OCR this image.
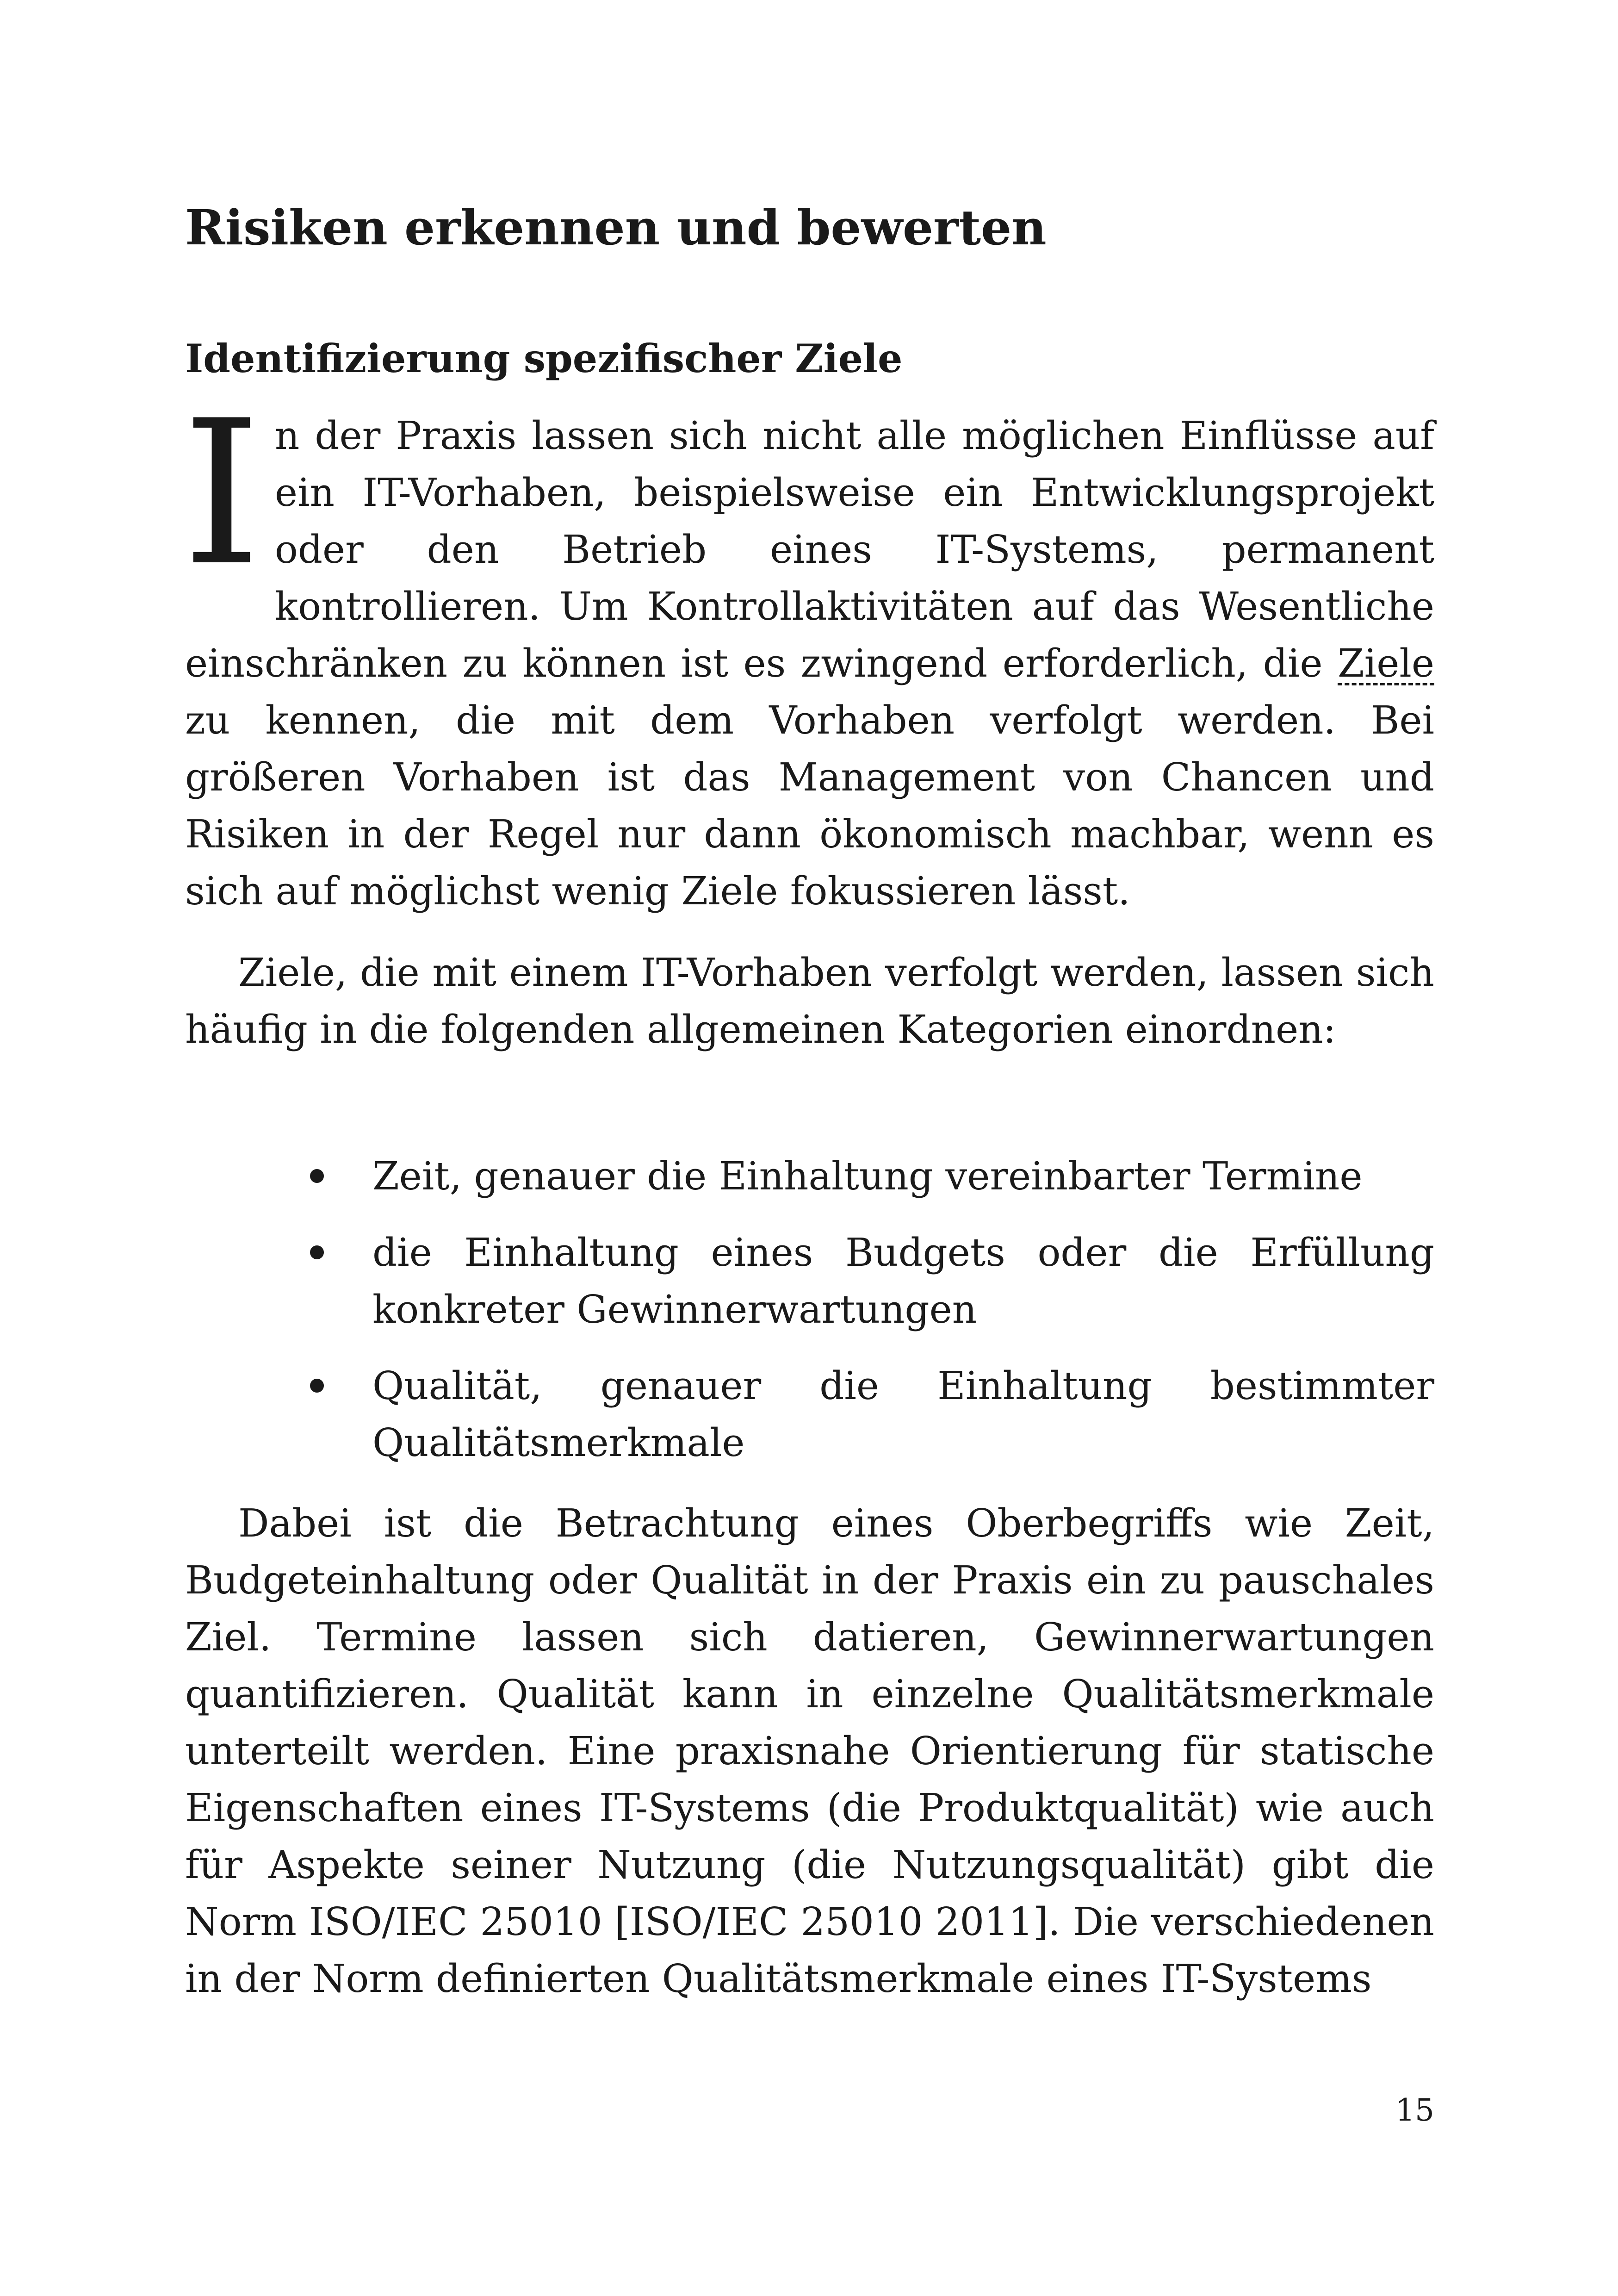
Risiken erkennen und bewerten
Identifizierung spezifischer Ziele

In der Praxis lassen sich nicht alle möglichen Einflüsse auf ein IT-Vorhaben, beispielsweise ein Entwicklungsprojekt oder den Betrieb eines IT-Systems, permanent kontrollieren. Um Kontrollaktivitäten auf das Wesentliche einschränken zu können ist es zwingend erforderlich, die Ziele zu kennen, die mit dem Vorhaben verfolgt werden. Bei größeren Vorhaben ist das Management von Chancen und Risiken in der Regel nur dann ökonomisch machbar, wenn es sich auf möglichst wenig Ziele fokussieren lässt.

Ziele, die mit einem IT-Vorhaben verfolgt werden, lassen sich häufig in die folgenden allgemeinen Kategorien einordnen:

Zeit, genauer die Einhaltung vereinbarter Termine
die Einhaltung eines Budgets oder die Erfüllung konkreter Gewinnerwartungen
Qualität, genauer die Einhaltung bestimmter Qualitätsmerkmale

Dabei ist die Betrachtung eines Oberbegriffs wie Zeit, Budgeteinhaltung oder Qualität in der Praxis ein zu pauschales Ziel. Termine lassen sich datieren, Gewinnerwartungen quantifizieren. Qualität kann in einzelne Qualitätsmerkmale unterteilt werden. Eine praxisnahe Orientierung für statische Eigenschaften eines IT-Systems (die Produktqualität) wie auch für Aspekte seiner Nutzung (die Nutzungsqualität) gibt die Norm ISO/IEC 25010 [ISO/IEC 25010 2011]. Die verschiedenen in der Norm definierten Qualitätsmerkmale eines IT-Systems

15
